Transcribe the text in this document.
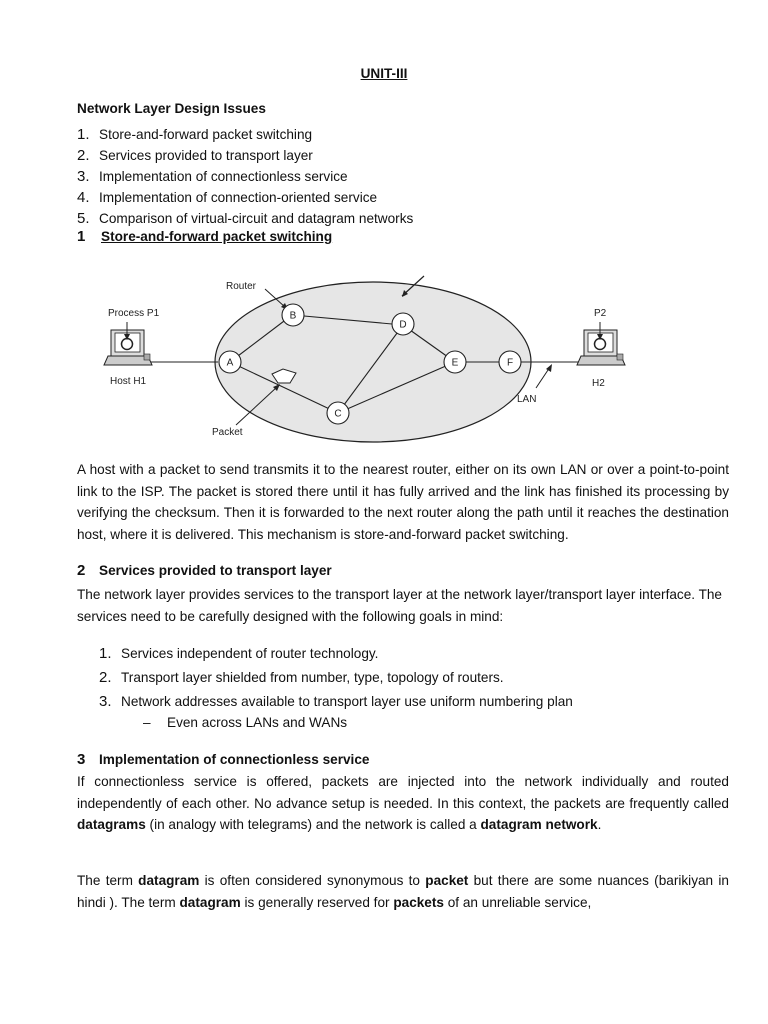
UNIT-III
Network Layer Design Issues
1. Store-and-forward packet switching
2. Services provided to transport layer
3. Implementation of connectionless service
4. Implementation of connection-oriented service
5. Comparison of virtual-circuit and datagram networks
1 Store-and-forward packet switching
Router
Packet
LAN
A
B
C
D
E	F
Process P1
Host H1
P2
H2

A host with a packet to send transmits it to the nearest router, either on its own LAN or over a point-to-point link to the ISP. The packet is stored there until it has fully arrived and the link has finished its processing by verifying the checksum. Then it is forwarded to the next router along the path until it reaches the destination host, where it is delivered. This mechanism is store-and-forward packet switching.

2 Services provided to transport layer

The network layer provides services to the transport layer at the network layer/transport layer interface. The services need to be carefully designed with the following goals in mind:

1. Services independent of router technology.
2. Transport layer shielded from number, type, topology of routers.
3. Network addresses available to transport layer use uniform numbering plan
– Even across LANs and WANs
3 Implementation of connectionless service

If connectionless service is offered, packets are injected into the network individually and routed independently of each other. No advance setup is needed. In this context, the packets are frequently called datagrams (in analogy with telegrams) and the network is called a datagram network.

The term datagram is often considered synonymous to packet but there are some nuances (barikiyan in hindi ). The term datagram is generally reserved for packets of an unreliable service,
